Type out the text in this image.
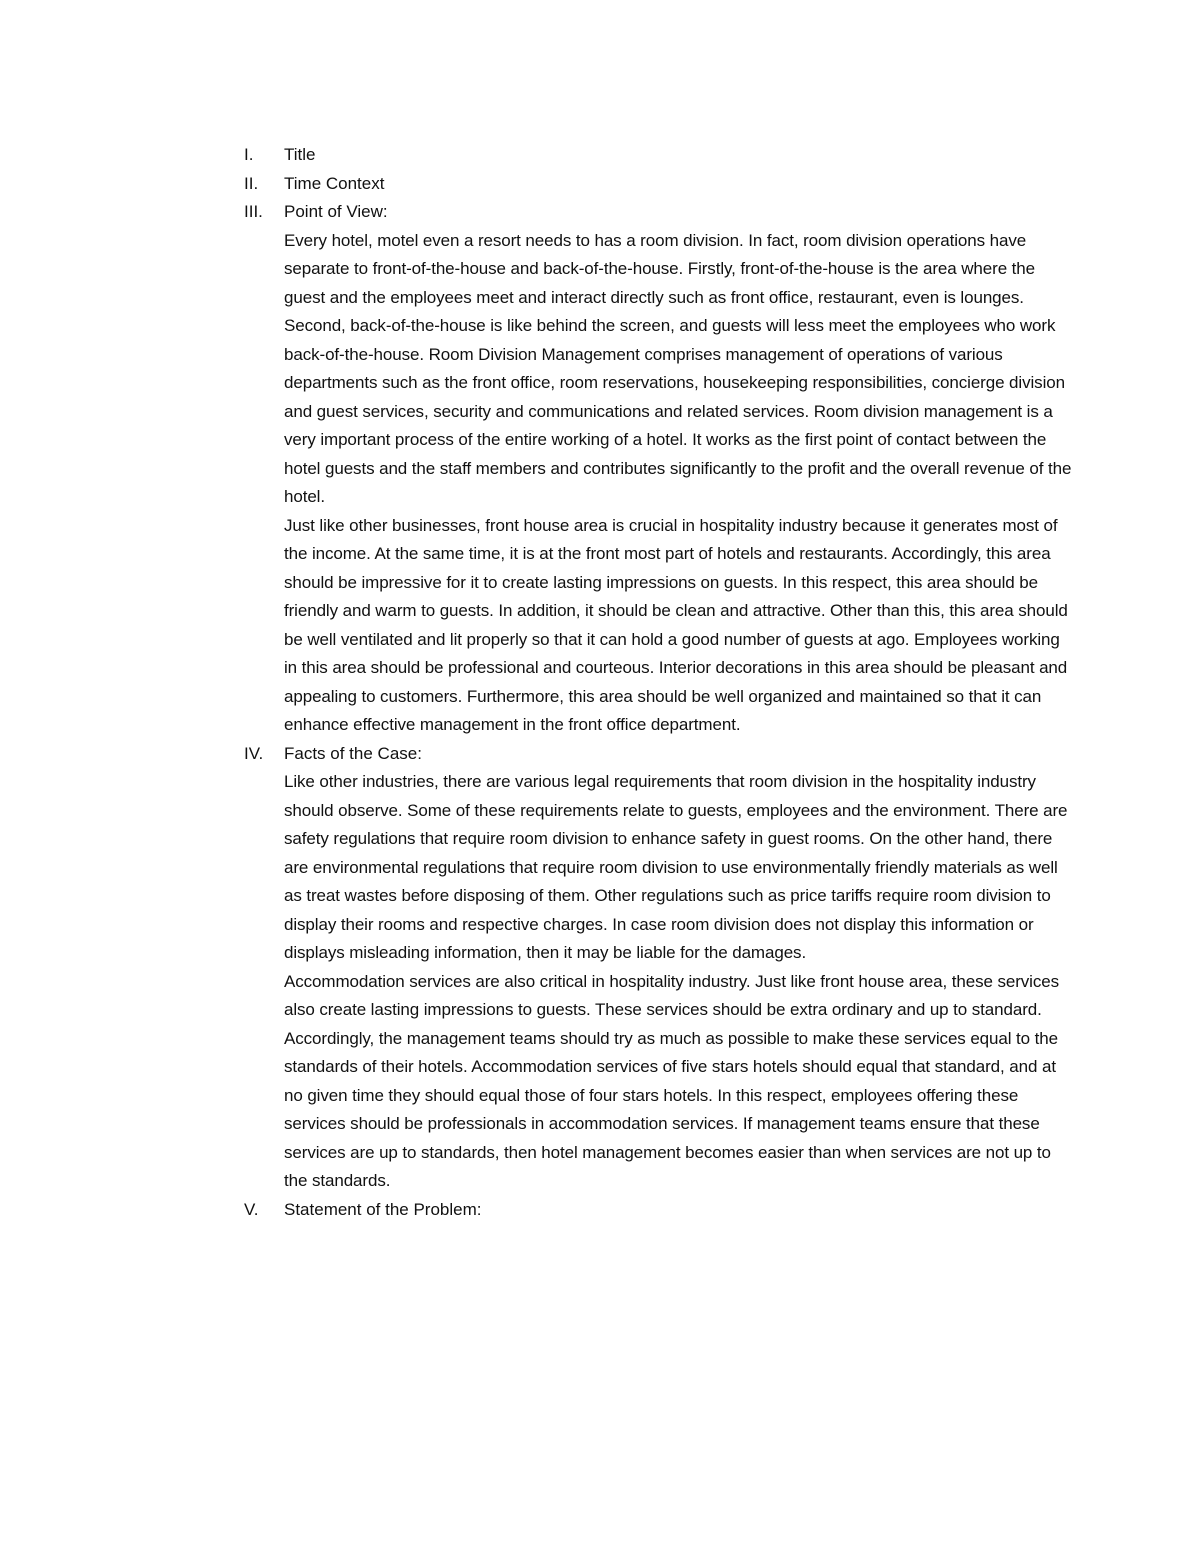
I.	Title
II.	Time Context
III.	Point of View:

Every hotel, motel even a resort needs to has a room division. In fact, room division operations have separate to front-of-the-house and back-of-the-house. Firstly, front-of-the-house is the area where the guest and the employees meet and interact directly such as front office, restaurant, even is lounges. Second, back-of-the-house is like behind the screen, and guests will less meet the employees who work back-of-the-house. Room Division Management comprises management of operations of various departments such as the front office, room reservations, housekeeping responsibilities, concierge division and guest services, security and communications and related services. Room division management is a very important process of the entire working of a hotel. It works as the first point of contact between the hotel guests and the staff members and contributes significantly to the profit and the overall revenue of the hotel.

Just like other businesses, front house area is crucial in hospitality industry because it generates most of the income. At the same time, it is at the front most part of hotels and restaurants. Accordingly, this area should be impressive for it to create lasting impressions on guests. In this respect, this area should be friendly and warm to guests. In addition, it should be clean and attractive. Other than this, this area should be well ventilated and lit properly so that it can hold a good number of guests at ago. Employees working in this area should be professional and courteous. Interior decorations in this area should be pleasant and appealing to customers. Furthermore, this area should be well organized and maintained so that it can enhance effective management in the front office department.

IV.	Facts of the Case:

Like other industries, there are various legal requirements that room division in the hospitality industry should observe. Some of these requirements relate to guests, employees and the environment. There are safety regulations that require room division to enhance safety in guest rooms. On the other hand, there are environmental regulations that require room division to use environmentally friendly materials as well as treat wastes before disposing of them. Other regulations such as price tariffs require room division to display their rooms and respective charges. In case room division does not display this information or displays misleading information, then it may be liable for the damages.

Accommodation services are also critical in hospitality industry. Just like front house area, these services also create lasting impressions to guests. These services should be extra ordinary and up to standard. Accordingly, the management teams should try as much as possible to make these services equal to the standards of their hotels. Accommodation services of five stars hotels should equal that standard, and at no given time they should equal those of four stars hotels. In this respect, employees offering these services should be professionals in accommodation services. If management teams ensure that these services are up to standards, then hotel management becomes easier than when services are not up to the standards.

V.	Statement of the Problem:
